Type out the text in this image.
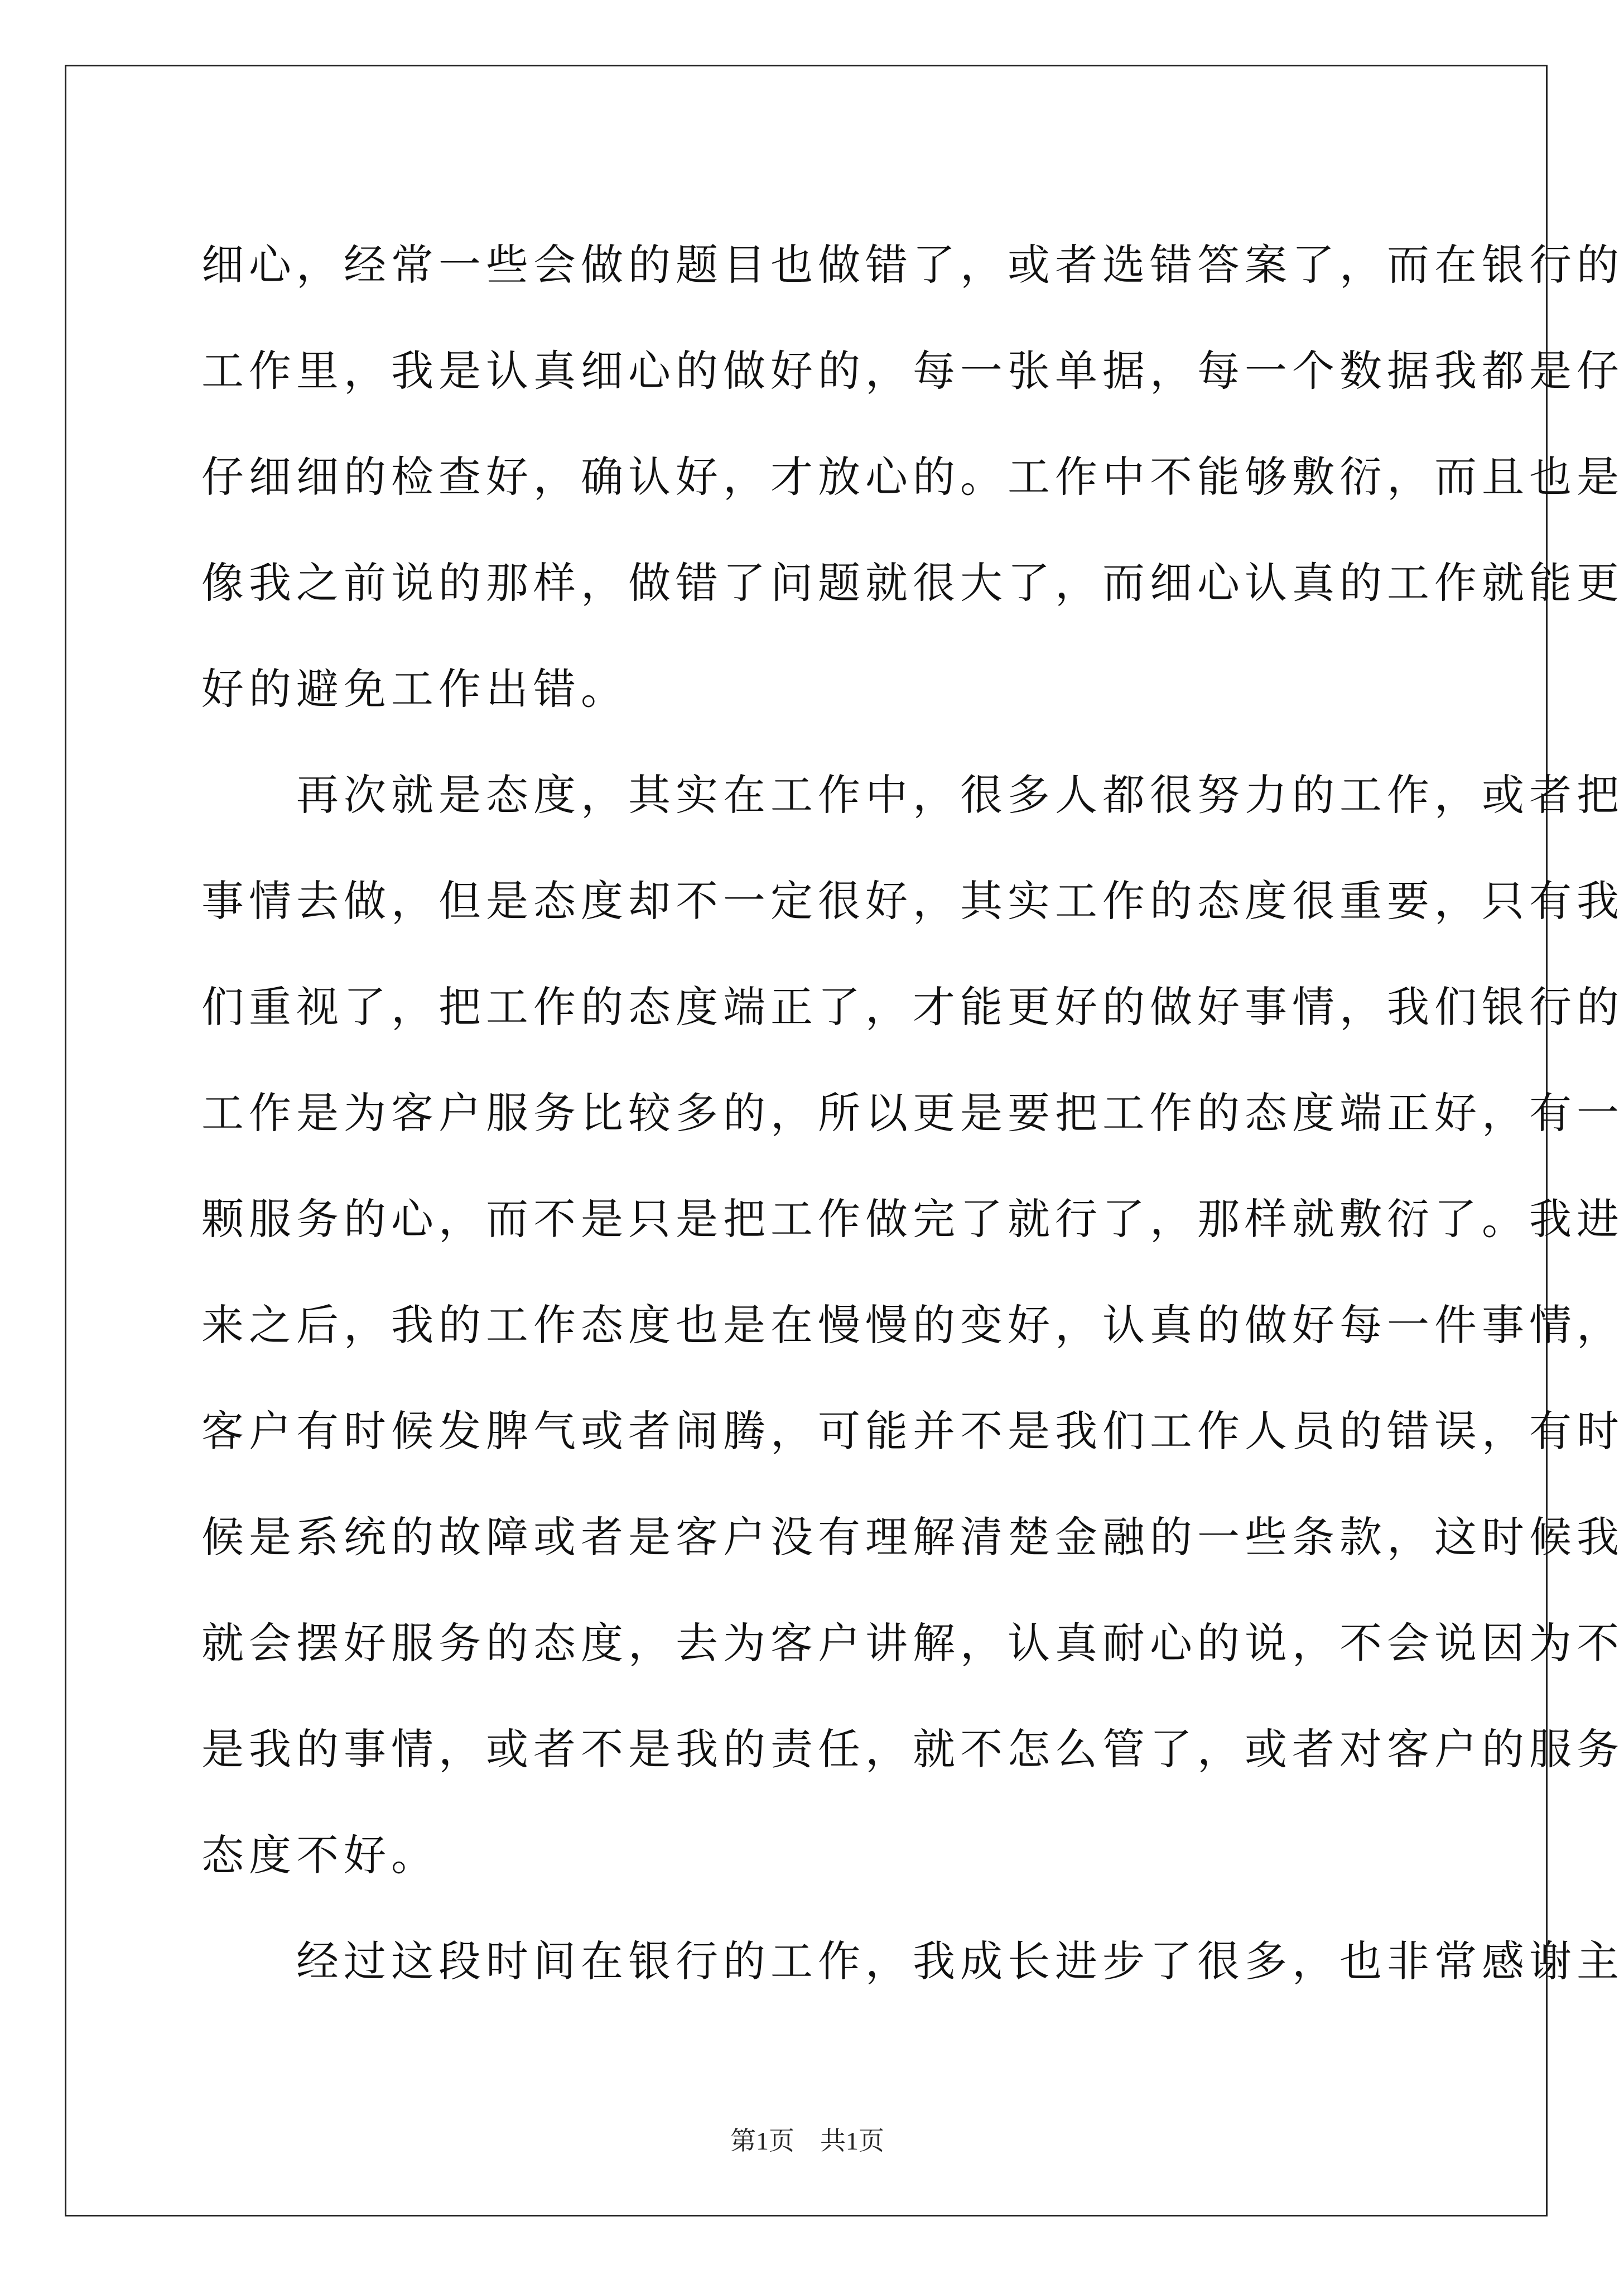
细心，经常一些会做的题目也做错了，或者选错答案了，而在银行的
工作里，我是认真细心的做好的，每一张单据，每一个数据我都是仔
仔细细的检查好，确认好，才放心的。工作中不能够敷衍，而且也是
像我之前说的那样，做错了问题就很大了，而细心认真的工作就能更
好的避免工作出错。
　　再次就是态度，其实在工作中，很多人都很努力的工作，或者把
事情去做，但是态度却不一定很好，其实工作的态度很重要，只有我
们重视了，把工作的态度端正了，才能更好的做好事情，我们银行的
工作是为客户服务比较多的，所以更是要把工作的态度端正好，有一
颗服务的心，而不是只是把工作做完了就行了，那样就敷衍了。我进
来之后，我的工作态度也是在慢慢的变好，认真的做好每一件事情，
客户有时候发脾气或者闹腾，可能并不是我们工作人员的错误，有时
候是系统的故障或者是客户没有理解清楚金融的一些条款，这时候我
就会摆好服务的态度，去为客户讲解，认真耐心的说，不会说因为不
是我的事情，或者不是我的责任，就不怎么管了，或者对客户的服务
态度不好。
　　经过这段时间在银行的工作，我成长进步了很多，也非常感谢主
第1页　共1页
